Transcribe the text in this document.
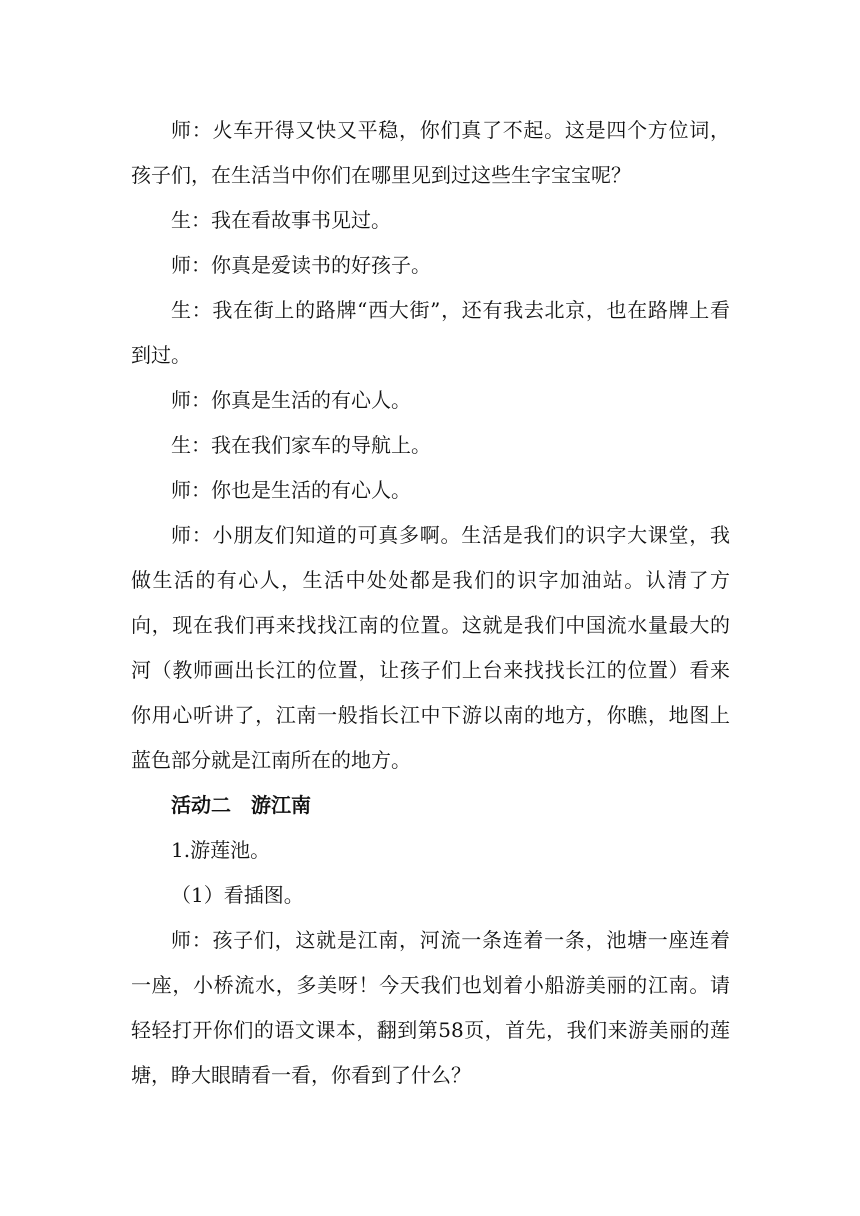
师：火车开得又快又平稳，你们真了不起。这是四个方位词，孩子们，在生活当中你们在哪里见到过这些生字宝宝呢？

生：我在看故事书见过。

师：你真是爱读书的好孩子。

生：我在街上的路牌“西大街”，还有我去北京，也在路牌上看到过。

师：你真是生活的有心人。

生：我在我们家车的导航上。

师：你也是生活的有心人。

师：小朋友们知道的可真多啊。生活是我们的识字大课堂，我做生活的有心人，生活中处处都是我们的识字加油站。认清了方向，现在我们再来找找江南的位置。这就是我们中国流水量最大的河（教师画出长江的位置，让孩子们上台来找找长江的位置）看来你用心听讲了，江南一般指长江中下游以南的地方，你瞧，地图上蓝色部分就是江南所在的地方。

活动二　游江南

1.游莲池。

（1）看插图。

师：孩子们，这就是江南，河流一条连着一条，池塘一座连着一座，小桥流水，多美呀！今天我们也划着小船游美丽的江南。请轻轻打开你们的语文课本，翻到第58页，首先，我们来游美丽的莲塘，睁大眼睛看一看，你看到了什么？
